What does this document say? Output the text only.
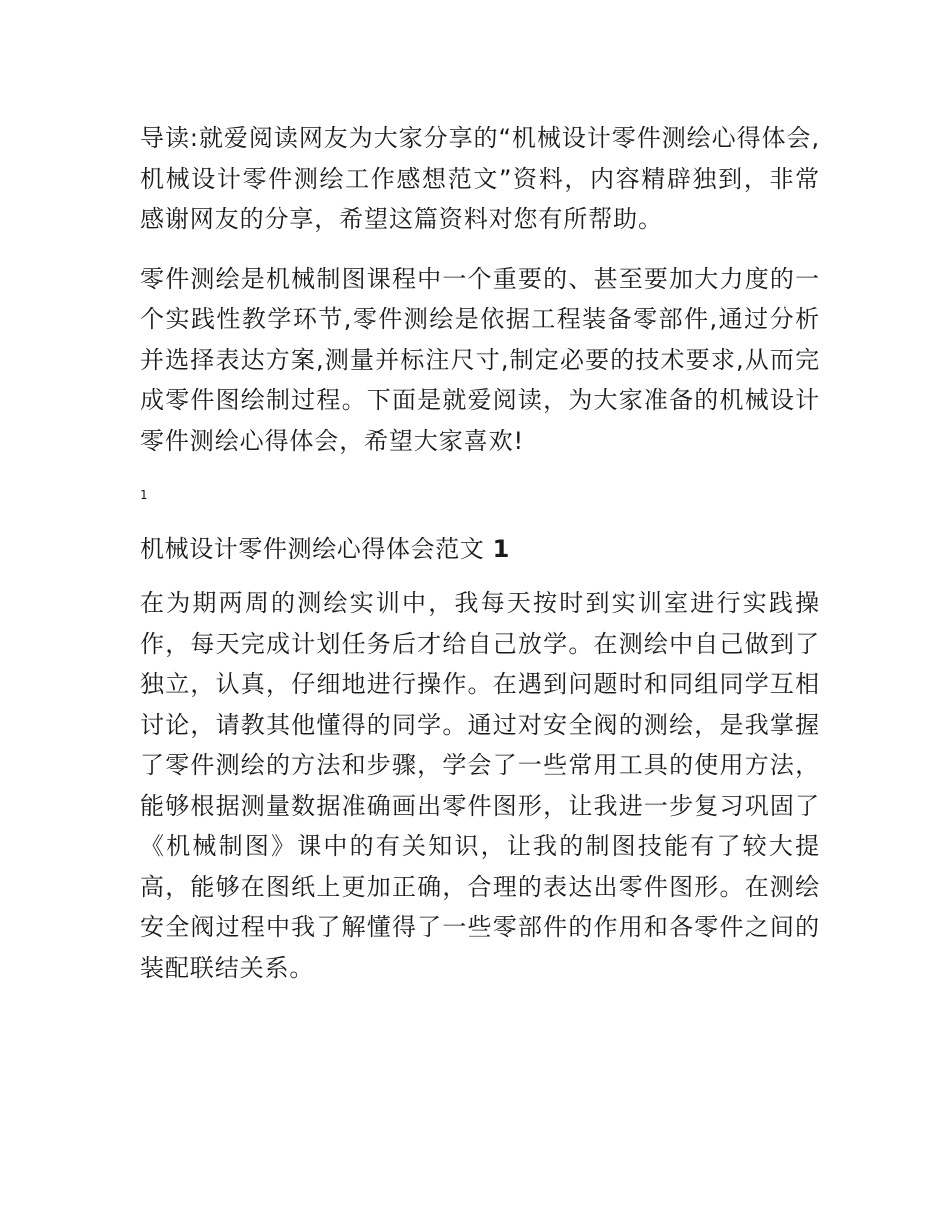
导读:就爱阅读网友为大家分享的“机械设计零件测绘心得体会,机械设计零件测绘工作感想范文”资料，内容精辟独到，非常感谢网友的分享，希望这篇资料对您有所帮助。

零件测绘是机械制图课程中一个重要的、甚至要加大力度的一个实践性教学环节,零件测绘是依据工程装备零部件,通过分析并选择表达方案,测量并标注尺寸,制定必要的技术要求,从而完成零件图绘制过程。下面是就爱阅读，为大家准备的机械设计零件测绘心得体会，希望大家喜欢!

1
机械设计零件测绘心得体会范文 1

在为期两周的测绘实训中，我每天按时到实训室进行实践操作，每天完成计划任务后才给自己放学。在测绘中自己做到了独立，认真，仔细地进行操作。在遇到问题时和同组同学互相讨论，请教其他懂得的同学。通过对安全阀的测绘，是我掌握了零件测绘的方法和步骤，学会了一些常用工具的使用方法，能够根据测量数据准确画出零件图形，让我进一步复习巩固了《机械制图》课中的有关知识，让我的制图技能有了较大提高，能够在图纸上更加正确，合理的表达出零件图形。在测绘安全阀过程中我了解懂得了一些零部件的作用和各零件之间的装配联结关系。
